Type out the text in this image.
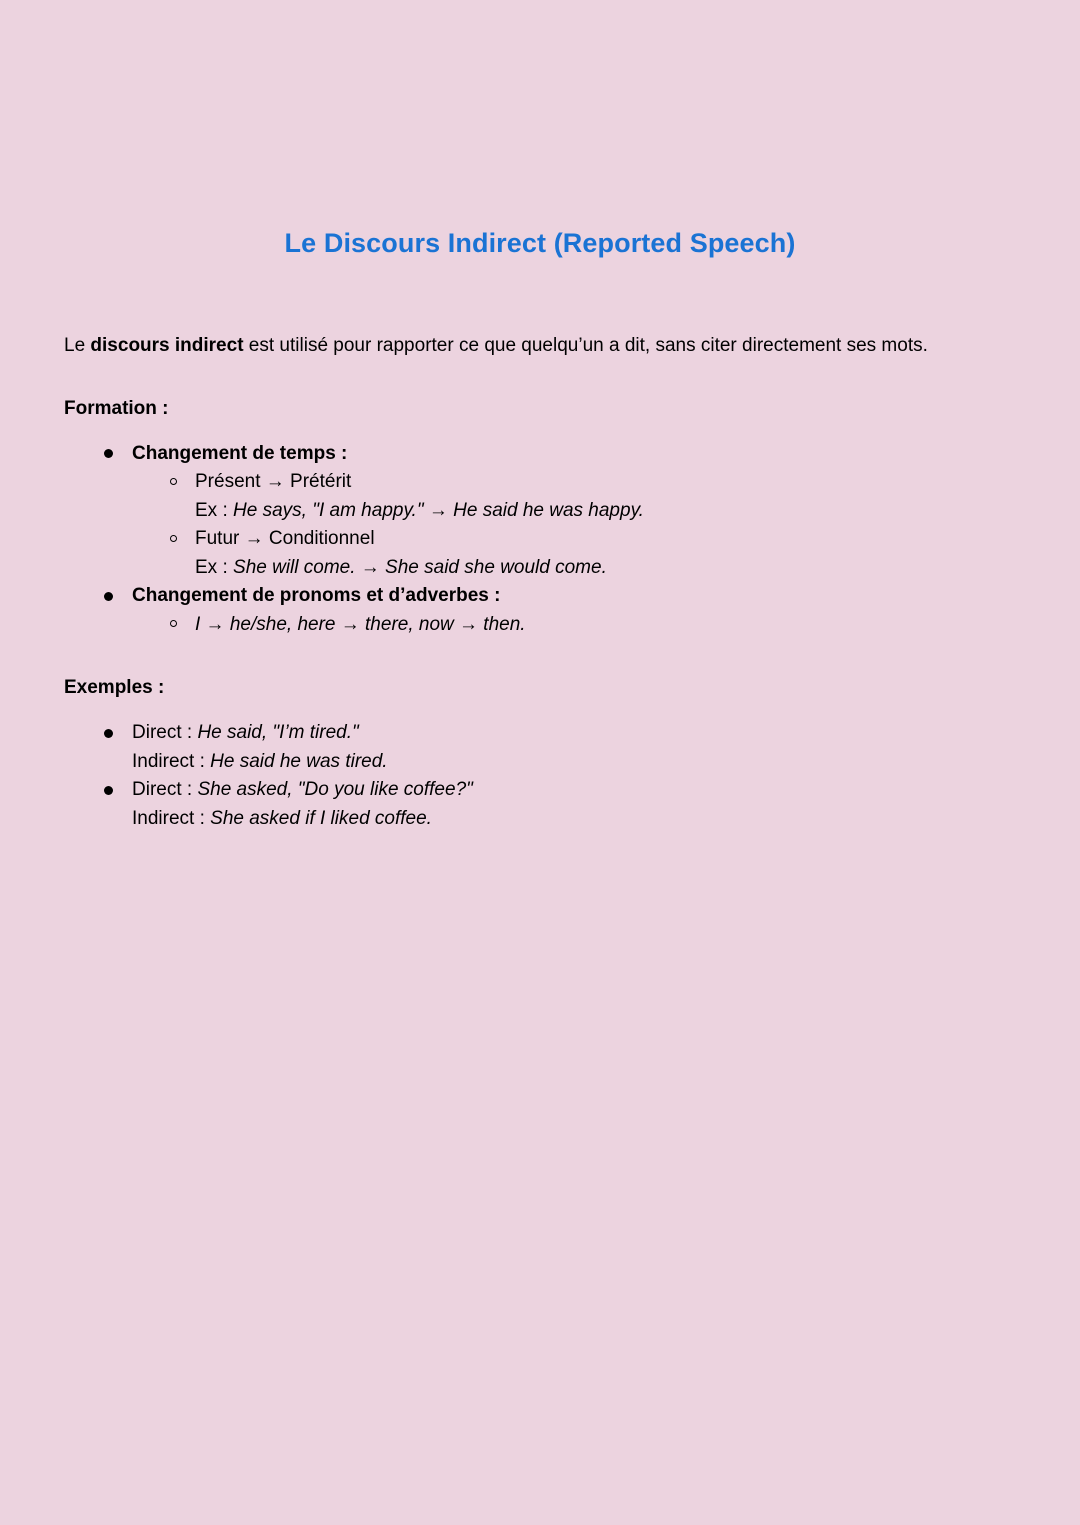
Le Discours Indirect (Reported Speech)

Le discours indirect est utilisé pour rapporter ce que quelqu’un a dit, sans citer directement ses mots.

Formation :
Changement de temps :
Présent → Prétérit
Ex : He says, "I am happy." → He said he was happy.
Futur → Conditionnel
Ex : She will come. → She said she would come.
Changement de pronoms et d’adverbes :
I → he/she, here → there, now → then.
Exemples :
Direct : He said, "I’m tired."
Indirect : He said he was tired.
Direct : She asked, "Do you like coffee?"
Indirect : She asked if I liked coffee.
